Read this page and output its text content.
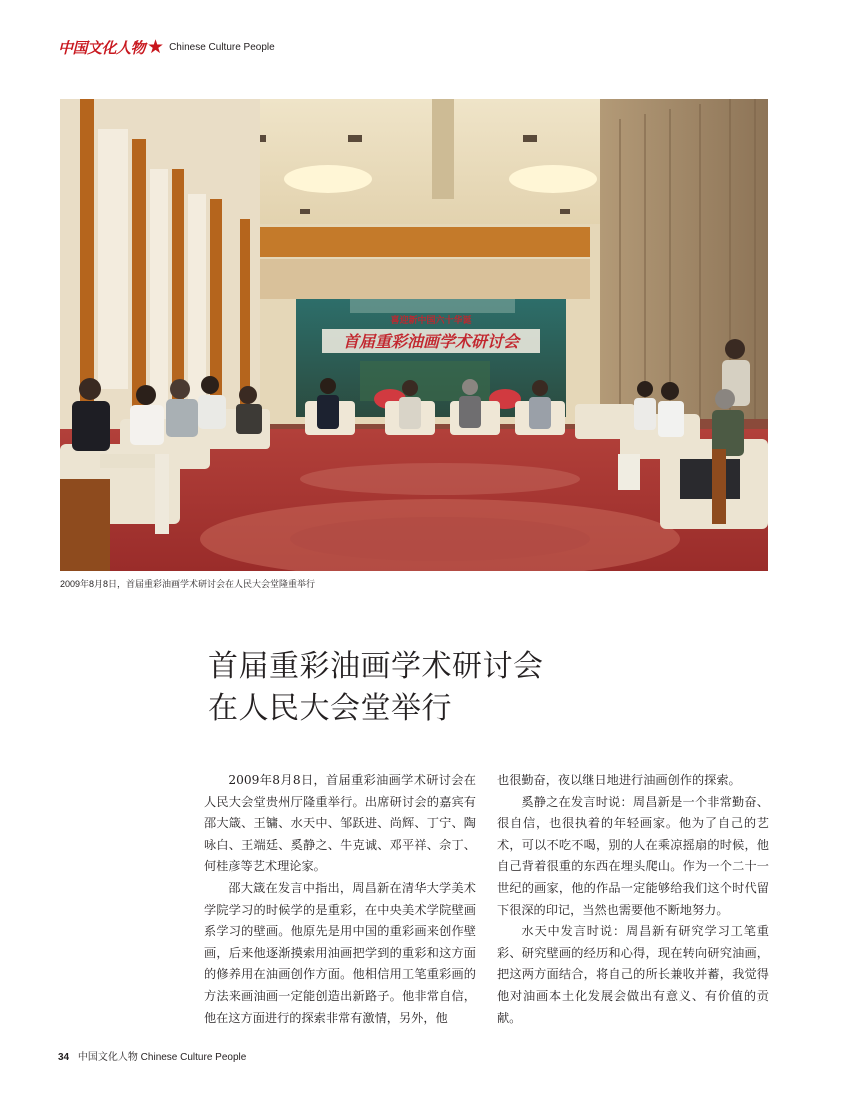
中国文化人物 ★ Chinese Culture People
喜迎新中国六十华诞
首届重彩油画学术研讨会
2009年8月8日，首届重彩油画学术研讨会在人民大会堂隆重举行
首届重彩油画学术研讨会
在人民大会堂举行

2009年8月8日，首届重彩油画学术研讨会在人民大会堂贵州厅隆重举行。出席研讨会的嘉宾有邵大箴、王镛、水天中、邹跃进、尚辉、丁宁、陶咏白、王端廷、奚静之、牛克诚、邓平祥、佘丁、何桂彦等艺术理论家。

邵大箴在发言中指出，周昌新在清华大学美术学院学习的时候学的是重彩，在中央美术学院壁画系学习的壁画。他原先是用中国的重彩画来创作壁画，后来他逐渐摸索用油画把学到的重彩和这方面的修养用在油画创作方面。他相信用工笔重彩画的方法来画油画一定能创造出新路子。他非常自信，他在这方面进行的探索非常有激情，另外，他

也很勤奋，夜以继日地进行油画创作的探索。

奚静之在发言时说：周昌新是一个非常勤奋、很自信，也很执着的年轻画家。他为了自己的艺术，可以不吃不喝，别的人在乘凉摇扇的时候，他自己背着很重的东西在埋头爬山。作为一个二十一世纪的画家，他的作品一定能够给我们这个时代留下很深的印记，当然也需要他不断地努力。

水天中发言时说：周昌新有研究学习工笔重彩、研究壁画的经历和心得，现在转向研究油画，把这两方面结合，将自己的所长兼收并蓄，我觉得他对油画本土化发展会做出有意义、有价值的贡献。

34 中国文化人物 Chinese Culture People
